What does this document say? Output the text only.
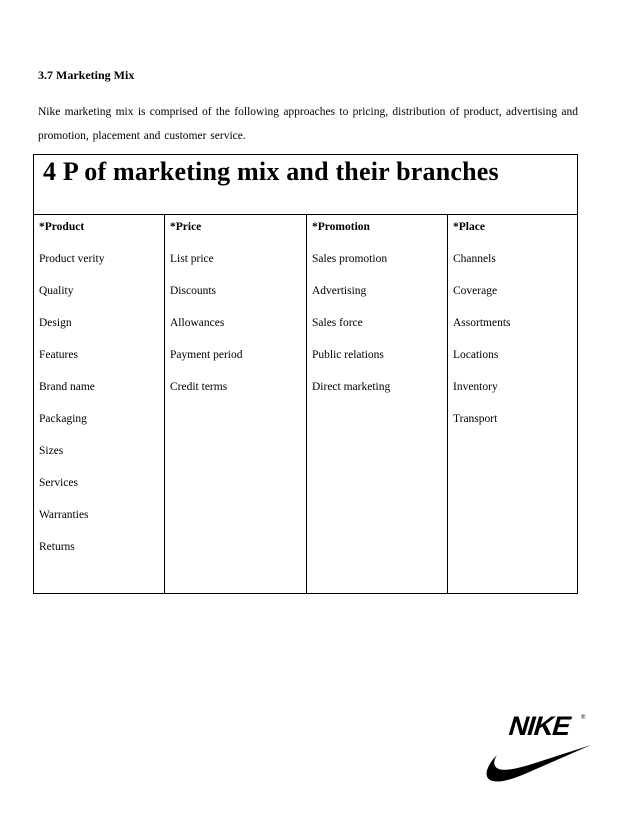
3.7 Marketing Mix
Nike marketing mix is comprised of the following approaches to pricing, distribution of product, advertising and promotion, placement and customer service.
4 P of marketing mix and their branches
*Product
Product verity
Quality
Design
Features
Brand name
Packaging
Sizes
Services
Warranties
Returns
*Price
List price
Discounts
Allowances
Payment period
Credit terms
*Promotion
Sales promotion
Advertising
Sales force
Public relations
Direct marketing
*Place
Channels
Coverage
Assortments
Locations
Inventory
Transport
NIKE ®
